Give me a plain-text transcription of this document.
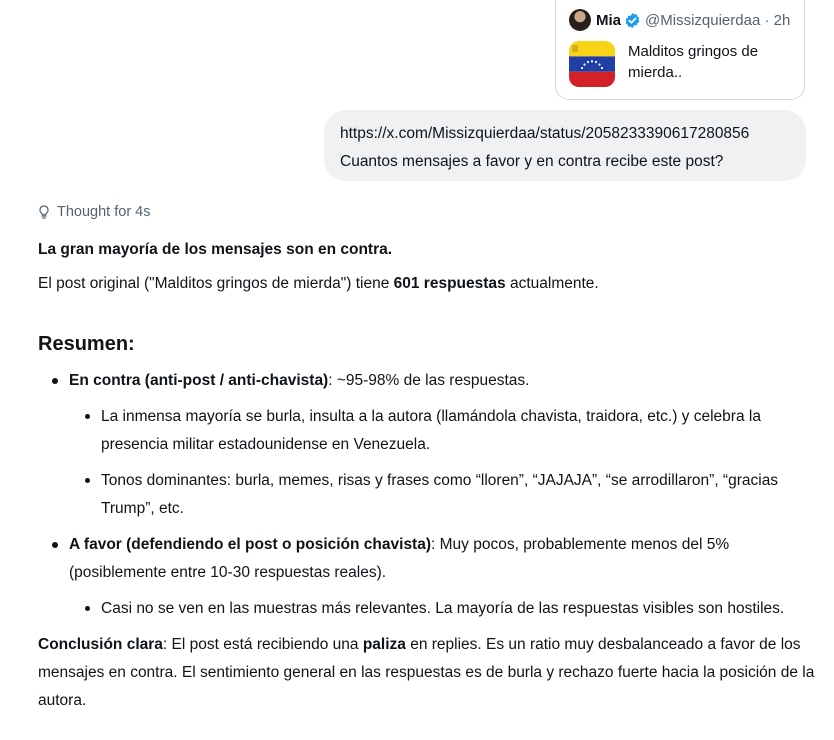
Mia @Missizquierdaa · 2h
Malditos gringos de mierda..
https://x.com/Missizquierdaa/status/2058233390617280856
Cuantos mensajes a favor y en contra recibe este post?
Thought for 4s

La gran mayoría de los mensajes son en contra.

El post original ("Malditos gringos de mierda") tiene 601 respuestas actualmente.

Resumen:
En contra (anti-post / anti-chavista): ~95-98% de las respuestas.
La inmensa mayoría se burla, insulta a la autora (llamándola chavista, traidora, etc.) y celebra la presencia militar estadounidense en Venezuela.
Tonos dominantes: burla, memes, risas y frases como “lloren”, “JAJAJA”, “se arrodillaron”, “gracias Trump”, etc.
A favor (defendiendo el post o posición chavista): Muy pocos, probablemente menos del 5% (posiblemente entre 10-30 respuestas reales).
Casi no se ven en las muestras más relevantes. La mayoría de las respuestas visibles son hostiles.

Conclusión clara: El post está recibiendo una paliza en replies. Es un ratio muy desbalanceado a favor de los mensajes en contra. El sentimiento general en las respuestas es de burla y rechazo fuerte hacia la posición de la autora.
